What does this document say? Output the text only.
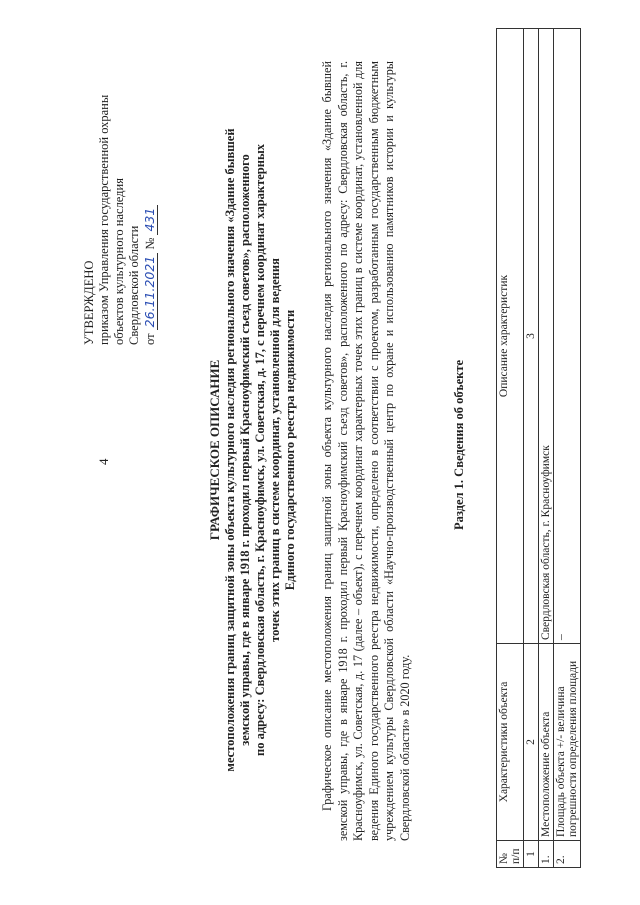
4
УТВЕРЖДЕНО приказом Управления государственной охраны объектов культурного наследия Свердловской области от 26.11.2021 № 431
ГРАФИЧЕСКОЕ ОПИСАНИЕ местоположения границ защитной зоны объекта культурного наследия регионального значения «Здание бывшей земской управы, где в январе 1918 г. проходил первый Красноуфимский съезд советов», расположенного по адресу: Свердловская область, г. Красноуфимск, ул. Советская, д. 17, с перечнем координат характерных точек этих границ в системе координат, установленной для ведения Единого государственного реестра недвижимости Графическое описание местоположения границ защитной зоны объекта культурного наследия регионального значения «Здание бывшей земской управы, где в январе 1918 г. проходил первый Красноуфимский съезд советов», расположенного по адресу: Свердловская область, г. Красноуфимск, ул. Советская, д. 17 (далее – объект), с перечнем координат характерных точек этих границ в системе координат, установленной для ведения Единого государственного реестра недвижимости, определено в соответствии с проектом, разработанным государственным бюджетным учреждением культуры Свердловской области «Научно-производственный центр по охране и использованию памятников истории и культуры Свердловской области» в 2020 году.

Раздел 1. Сведения об объекте
№ п/п	Характеристики объекта	Описание характеристик
1	2	3
1.	Местоположение объекта	Свердловская область, г. Красноуфимск
2.	Площадь объекта +/- величина погрешности определения площади	–
